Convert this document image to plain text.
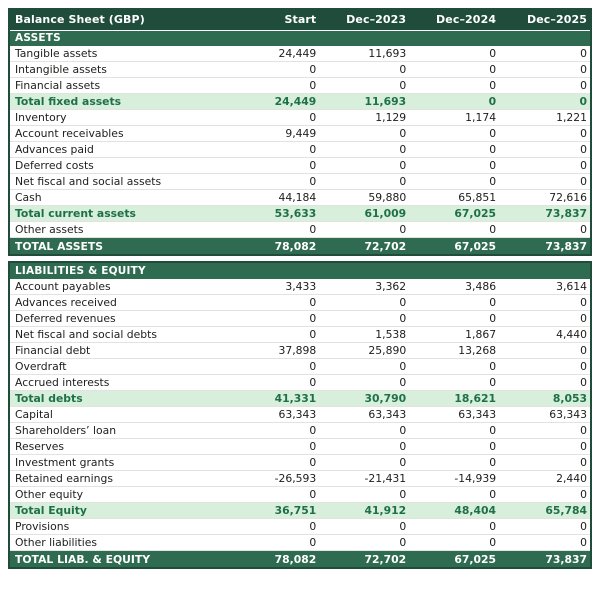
Balance Sheet (GBP)	Start	Dec–2023	Dec–2024	Dec–2025
ASSETS				
Tangible assets	24,449	11,693	0	0
Intangible assets	0	0	0	0
Financial assets	0	0	0	0
Total fixed assets	24,449	11,693	0	0
Inventory	0	1,129	1,174	1,221
Account receivables	9,449	0	0	0
Advances paid	0	0	0	0
Deferred costs	0	0	0	0
Net fiscal and social assets	0	0	0	0
Cash	44,184	59,880	65,851	72,616
Total current assets	53,633	61,009	67,025	73,837
Other assets	0	0	0	0
TOTAL ASSETS	78,082	72,702	67,025	73,837
LIABILITIES & EQUITY				
Account payables	3,433	3,362	3,486	3,614
Advances received	0	0	0	0
Deferred revenues	0	0	0	0
Net fiscal and social debts	0	1,538	1,867	4,440
Financial debt	37,898	25,890	13,268	0
Overdraft	0	0	0	0
Accrued interests	0	0	0	0
Total debts	41,331	30,790	18,621	8,053
Capital	63,343	63,343	63,343	63,343
Shareholders’ loan	0	0	0	0
Reserves	0	0	0	0
Investment grants	0	0	0	0
Retained earnings	-26,593	-21,431	-14,939	2,440
Other equity	0	0	0	0
Total Equity	36,751	41,912	48,404	65,784
Provisions	0	0	0	0
Other liabilities	0	0	0	0
TOTAL LIAB. & EQUITY	78,082	72,702	67,025	73,837
